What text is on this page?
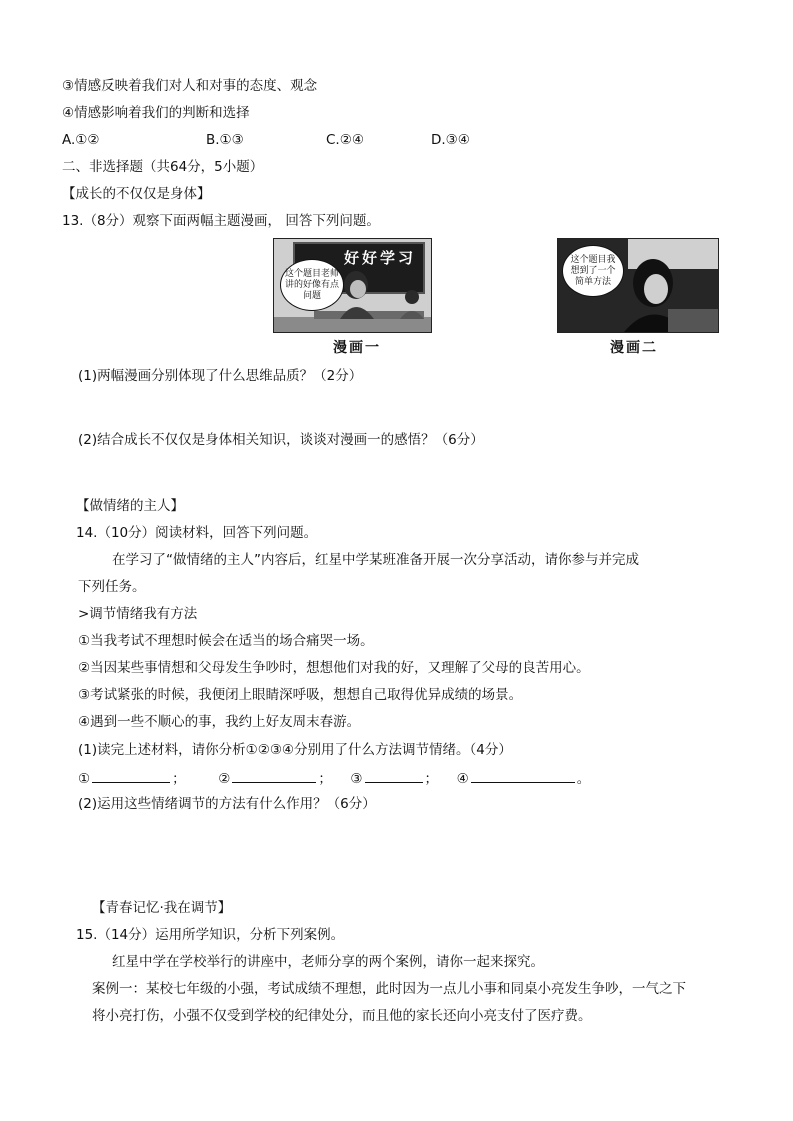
③情感反映着我们对人和对事的态度、观念
④情感影响着我们的判断和选择
A.①②	B.①③	C.②④	D.③④
二、非选择题（共64分，5小题）
【成长的不仅仅是身体】
13.（8分）观察下面两幅主题漫画， 回答下列问题。
好好学习
这个题目老师讲的好像有点问题
漫画一
这个题目我想到了一个简单方法
漫画二
(1)两幅漫画分别体现了什么思维品质？（2分）
(2)结合成长不仅仅是身体相关知识，谈谈对漫画一的感悟？（6分）
【做情绪的主人】
14.（10分）阅读材料，回答下列问题。
在学习了“做情绪的主人”内容后，红星中学某班准备开展一次分享活动，请你参与并完成
下列任务。
>调节情绪我有方法
①当我考试不理想时候会在适当的场合痛哭一场。
②当因某些事情想和父母发生争吵时，想想他们对我的好，又理解了父母的良苦用心。
③考试紧张的时候，我便闭上眼睛深呼吸，想想自己取得优异成绩的场景。
④遇到一些不顺心的事，我约上好友周末春游。
(1)读完上述材料，请你分析①②③④分别用了什么方法调节情绪。（4分）
①	； ②	； ③	； ④	。
(2)运用这些情绪调节的方法有什么作用？（6分）
【青春记忆·我在调节】
15.（14分）运用所学知识，分析下列案例。
红星中学在学校举行的讲座中，老师分享的两个案例，请你一起来探究。
案例一：某校七年级的小强，考试成绩不理想，此时因为一点儿小事和同桌小亮发生争吵，一气之下
将小亮打伤，小强不仅受到学校的纪律处分，而且他的家长还向小亮支付了医疗费。
